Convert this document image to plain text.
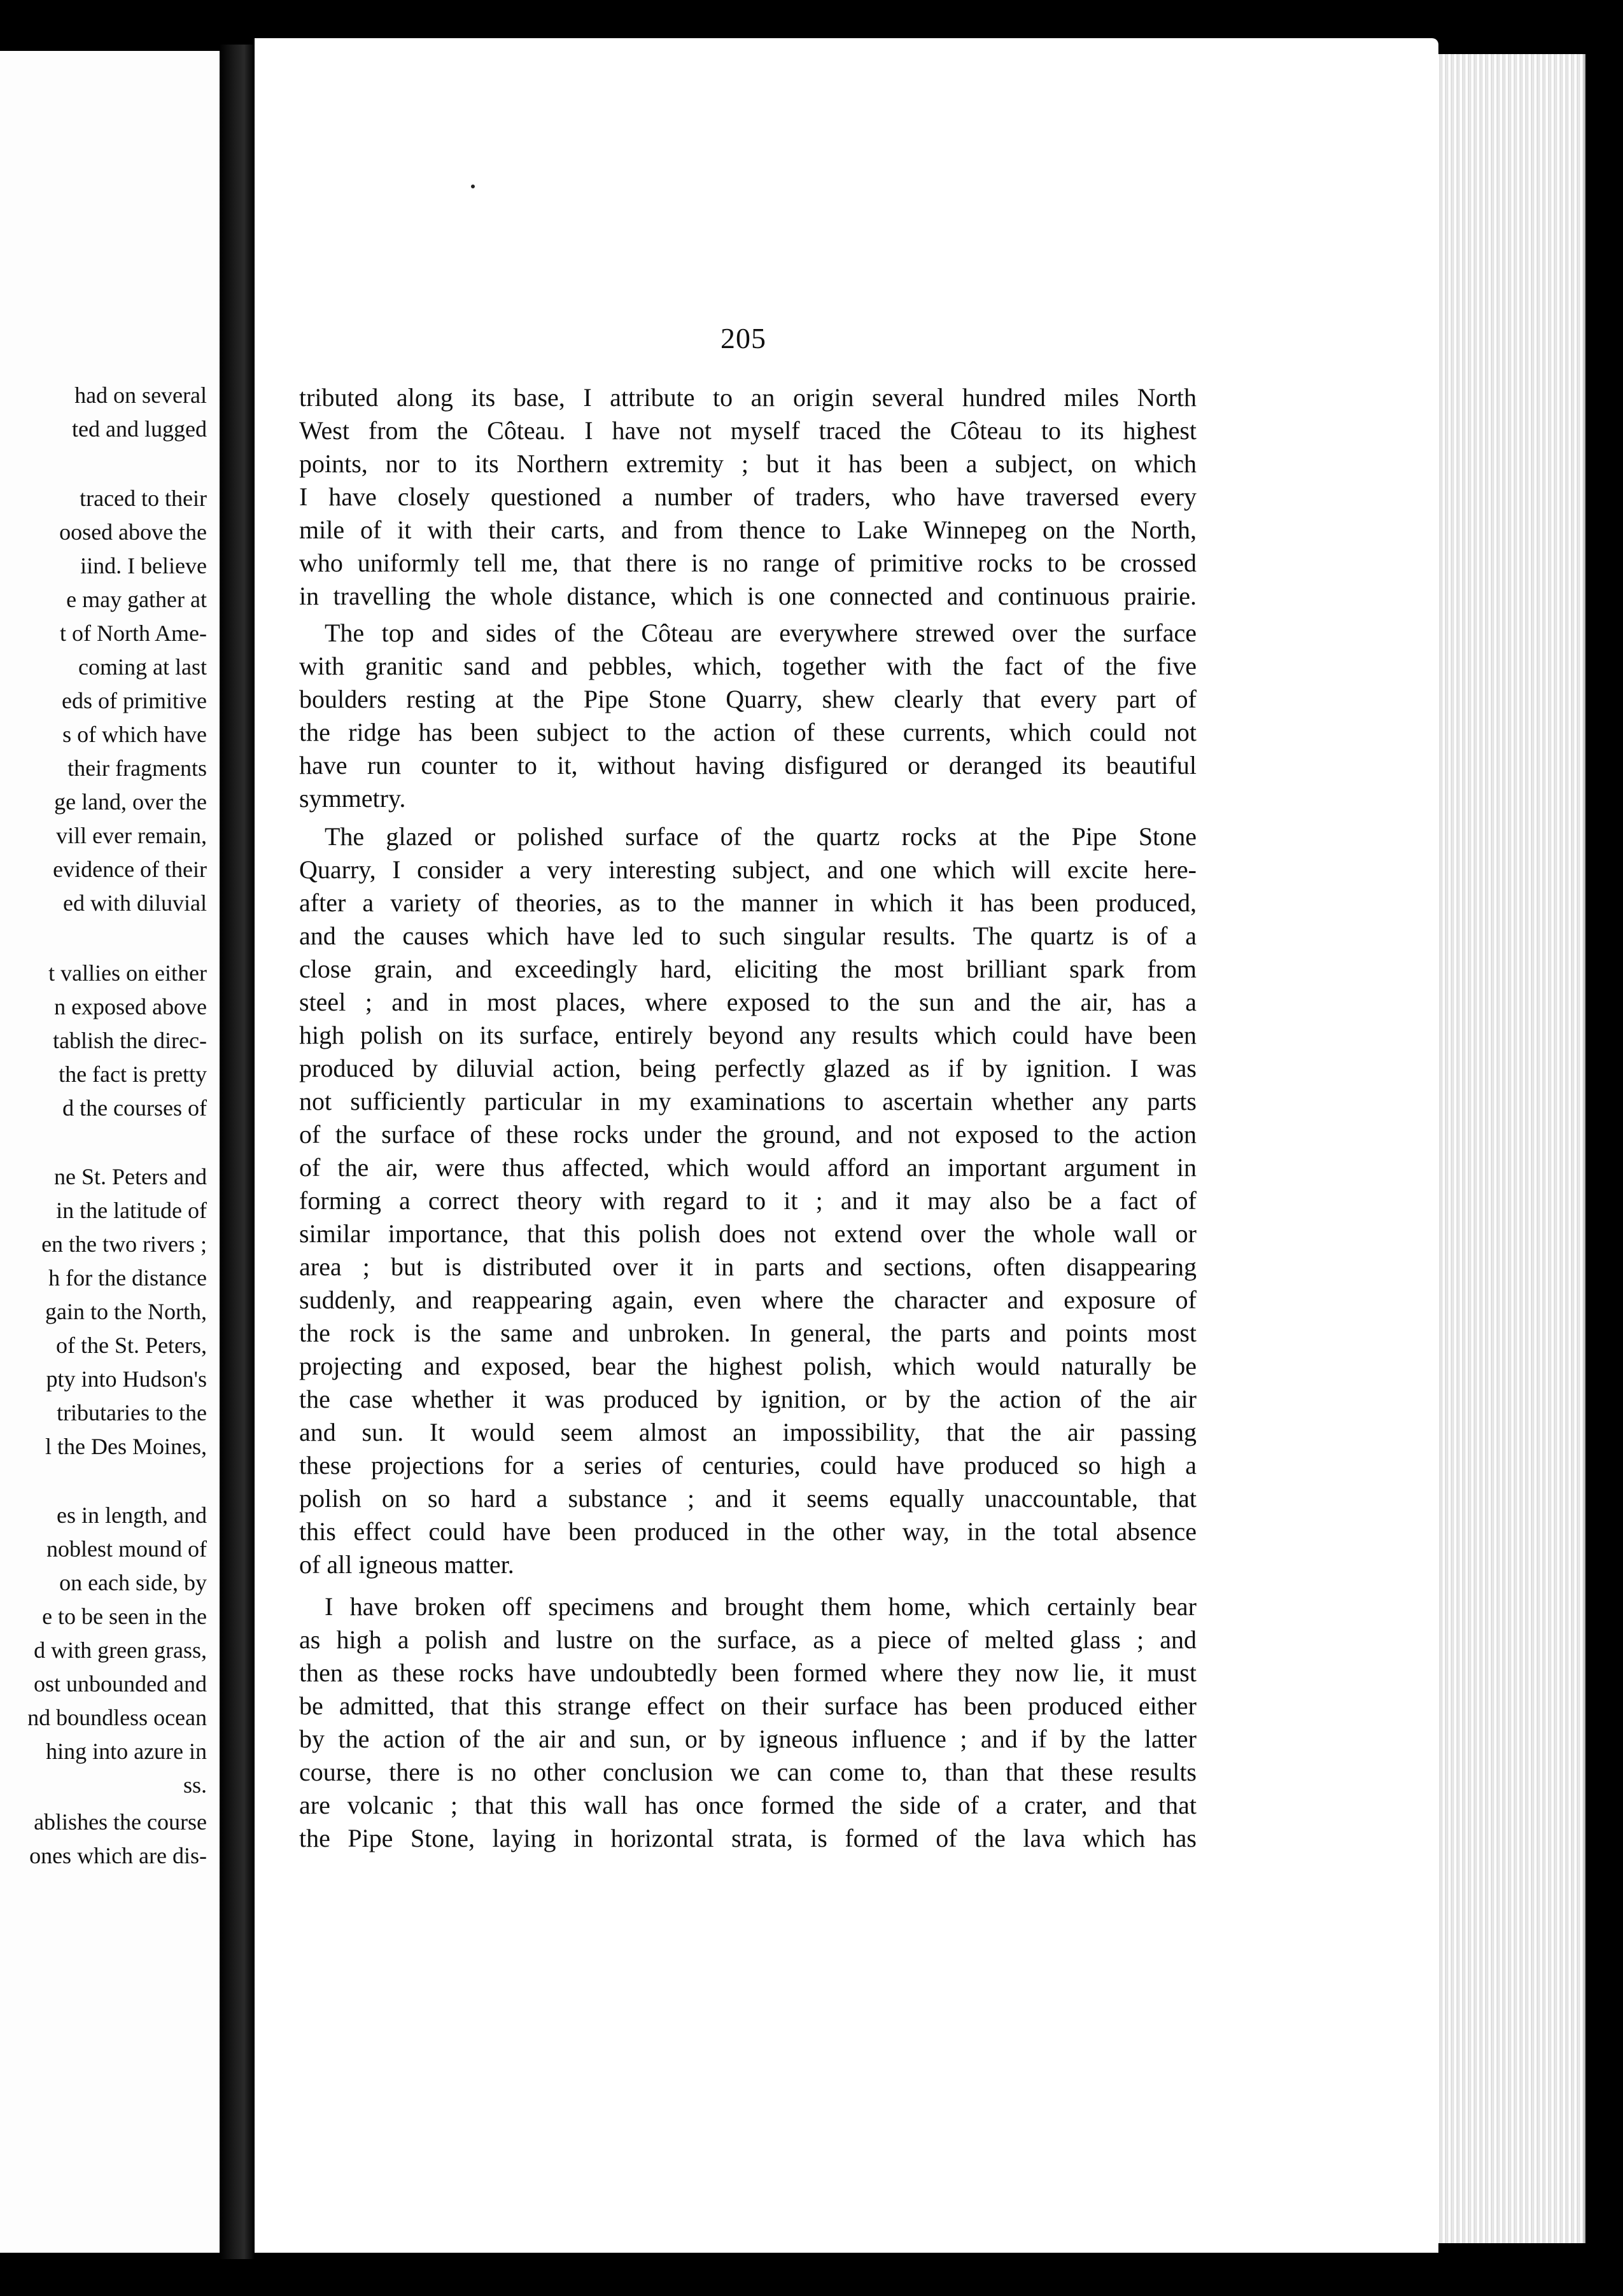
had on several
ted and lugged
traced to their
oosed above the
iind. I believe
e may gather at
t of North Ame-
coming at last
eds of primitive
s of which have
their fragments
ge land, over the
vill ever remain,
evidence of their
ed with diluvial
t vallies on either
n exposed above
tablish the direc-
the fact is pretty
d the courses of
ne St. Peters and
in the latitude of
en the two rivers ;
h for the distance
gain to the North,
of the St. Peters,
pty into Hudson's
tributaries to the
l the Des Moines,
es in length, and
noblest mound of
on each side, by
e to be seen in the
d with green grass,
ost unbounded and
nd boundless ocean
hing into azure in
ss.
ablishes the course
ones which are dis-
205
tributed along its base, I attribute to an origin several hundred miles North
West from the Côteau. I have not myself traced the Côteau to its highest
points, nor to its Northern extremity ; but it has been a subject, on which
I have closely questioned a number of traders, who have traversed every
mile of it with their carts, and from thence to Lake Winnepeg on the North,
who uniformly tell me, that there is no range of primitive rocks to be crossed
in travelling the whole distance, which is one connected and continuous prairie.
The top and sides of the Côteau are everywhere strewed over the surface
with granitic sand and pebbles, which, together with the fact of the five
boulders resting at the Pipe Stone Quarry, shew clearly that every part of
the ridge has been subject to the action of these currents, which could not
have run counter to it, without having disfigured or deranged its beautiful
symmetry.
The glazed or polished surface of the quartz rocks at the Pipe Stone
Quarry, I consider a very interesting subject, and one which will excite here-
after a variety of theories, as to the manner in which it has been produced,
and the causes which have led to such singular results. The quartz is of a
close grain, and exceedingly hard, eliciting the most brilliant spark from
steel ; and in most places, where exposed to the sun and the air, has a
high polish on its surface, entirely beyond any results which could have been
produced by diluvial action, being perfectly glazed as if by ignition. I was
not sufficiently particular in my examinations to ascertain whether any parts
of the surface of these rocks under the ground, and not exposed to the action
of the air, were thus affected, which would afford an important argument in
forming a correct theory with regard to it ; and it may also be a fact of
similar importance, that this polish does not extend over the whole wall or
area ; but is distributed over it in parts and sections, often disappearing
suddenly, and reappearing again, even where the character and exposure of
the rock is the same and unbroken. In general, the parts and points most
projecting and exposed, bear the highest polish, which would naturally be
the case whether it was produced by ignition, or by the action of the air
and sun. It would seem almost an impossibility, that the air passing
these projections for a series of centuries, could have produced so high a
polish on so hard a substance ; and it seems equally unaccountable, that
this effect could have been produced in the other way, in the total absence
of all igneous matter.
I have broken off specimens and brought them home, which certainly bear
as high a polish and lustre on the surface, as a piece of melted glass ; and
then as these rocks have undoubtedly been formed where they now lie, it must
be admitted, that this strange effect on their surface has been produced either
by the action of the air and sun, or by igneous influence ; and if by the latter
course, there is no other conclusion we can come to, than that these results
are volcanic ; that this wall has once formed the side of a crater, and that
the Pipe Stone, laying in horizontal strata, is formed of the lava which has
